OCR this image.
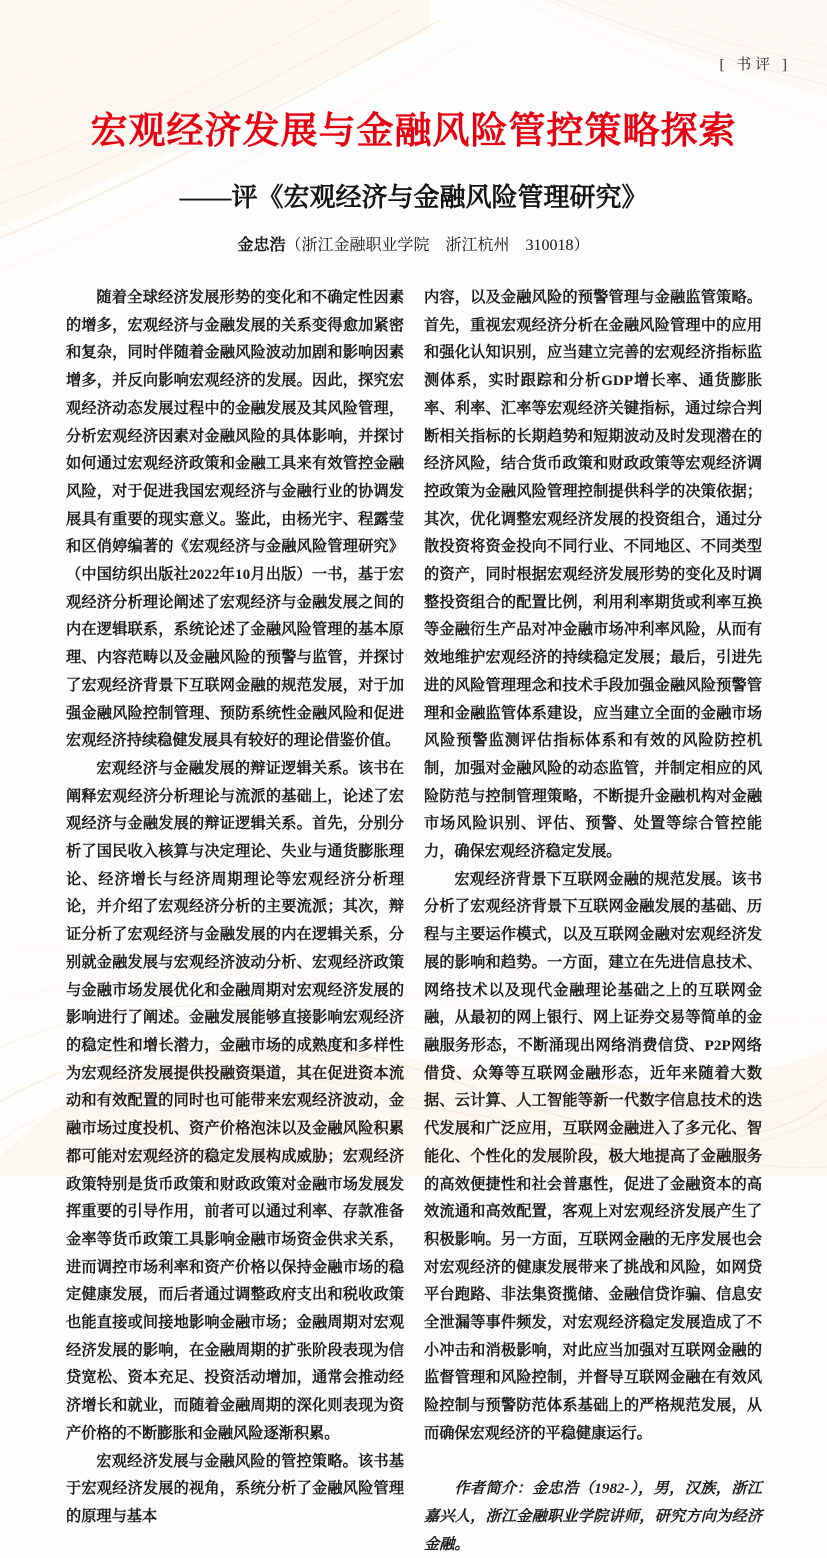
[ 书评 ]
宏观经济发展与金融风险管控策略探索
——评《宏观经济与金融风险管理研究》
金忠浩（浙江金融职业学院　浙江杭州　310018）

随着全球经济发展形势的变化和不确定性因素的增多，宏观经济与金融发展的关系变得愈加紧密和复杂，同时伴随着金融风险波动加剧和影响因素增多，并反向影响宏观经济的发展。因此，探究宏观经济动态发展过程中的金融发展及其风险管理，分析宏观经济因素对金融风险的具体影响，并探讨如何通过宏观经济政策和金融工具来有效管控金融风险，对于促进我国宏观经济与金融行业的协调发展具有重要的现实意义。鉴此，由杨光宇、程露莹和区俏婷编著的《宏观经济与金融风险管理研究》（中国纺织出版社2022年10月出版）一书，基于宏观经济分析理论阐述了宏观经济与金融发展之间的内在逻辑联系，系统论述了金融风险管理的基本原理、内容范畴以及金融风险的预警与监管，并探讨了宏观经济背景下互联网金融的规范发展，对于加强金融风险控制管理、预防系统性金融风险和促进宏观经济持续稳健发展具有较好的理论借鉴价值。

宏观经济与金融发展的辩证逻辑关系。该书在阐释宏观经济分析理论与流派的基础上，论述了宏观经济与金融发展的辩证逻辑关系。首先，分别分析了国民收入核算与决定理论、失业与通货膨胀理论、经济增长与经济周期理论等宏观经济分析理论，并介绍了宏观经济分析的主要流派；其次，辩证分析了宏观经济与金融发展的内在逻辑关系，分别就金融发展与宏观经济波动分析、宏观经济政策与金融市场发展优化和金融周期对宏观经济发展的影响进行了阐述。金融发展能够直接影响宏观经济的稳定性和增长潜力，金融市场的成熟度和多样性为宏观经济发展提供投融资渠道，其在促进资本流动和有效配置的同时也可能带来宏观经济波动，金融市场过度投机、资产价格泡沫以及金融风险积累都可能对宏观经济的稳定发展构成威胁；宏观经济政策特别是货币政策和财政政策对金融市场发展发挥重要的引导作用，前者可以通过利率、存款准备金率等货币政策工具影响金融市场资金供求关系，进而调控市场利率和资产价格以保持金融市场的稳定健康发展，而后者通过调整政府支出和税收政策也能直接或间接地影响金融市场；金融周期对宏观经济发展的影响，在金融周期的扩张阶段表现为信贷宽松、资本充足、投资活动增加，通常会推动经济增长和就业，而随着金融周期的深化则表现为资产价格的不断膨胀和金融风险逐渐积累。

宏观经济发展与金融风险的管控策略。该书基于宏观经济发展的视角，系统分析了金融风险管理的原理与基本

内容，以及金融风险的预警管理与金融监管策略。首先，重视宏观经济分析在金融风险管理中的应用和强化认知识别，应当建立完善的宏观经济指标监测体系，实时跟踪和分析GDP增长率、通货膨胀率、利率、汇率等宏观经济关键指标，通过综合判断相关指标的长期趋势和短期波动及时发现潜在的经济风险，结合货币政策和财政政策等宏观经济调控政策为金融风险管理控制提供科学的决策依据；其次，优化调整宏观经济发展的投资组合，通过分散投资将资金投向不同行业、不同地区、不同类型的资产，同时根据宏观经济发展形势的变化及时调整投资组合的配置比例，利用利率期货或利率互换等金融衍生产品对冲金融市场冲利率风险，从而有效地维护宏观经济的持续稳定发展；最后，引进先进的风险管理理念和技术手段加强金融风险预警管理和金融监管体系建设，应当建立全面的金融市场风险预警监测评估指标体系和有效的风险防控机制，加强对金融风险的动态监管，并制定相应的风险防范与控制管理策略，不断提升金融机构对金融市场风险识别、评估、预警、处置等综合管控能力，确保宏观经济稳定发展。

宏观经济背景下互联网金融的规范发展。该书分析了宏观经济背景下互联网金融发展的基础、历程与主要运作模式，以及互联网金融对宏观经济发展的影响和趋势。一方面，建立在先进信息技术、网络技术以及现代金融理论基础之上的互联网金融，从最初的网上银行、网上证券交易等简单的金融服务形态，不断涌现出网络消费信贷、P2P网络借贷、众筹等互联网金融形态，近年来随着大数据、云计算、人工智能等新一代数字信息技术的迭代发展和广泛应用，互联网金融进入了多元化、智能化、个性化的发展阶段，极大地提高了金融服务的高效便捷性和社会普惠性，促进了金融资本的高效流通和高效配置，客观上对宏观经济发展产生了积极影响。另一方面，互联网金融的无序发展也会对宏观经济的健康发展带来了挑战和风险，如网贷平台跑路、非法集资揽储、金融信贷诈骗、信息安全泄漏等事件频发，对宏观经济稳定发展造成了不小冲击和消极影响，对此应当加强对互联网金融的监督管理和风险控制，并督导互联网金融在有效风险控制与预警防范体系基础上的严格规范发展，从而确保宏观经济的平稳健康运行。

作者简介：金忠浩（1982-），男，汉族，浙江嘉兴人，浙江金融职业学院讲师，研究方向为经济金融。
